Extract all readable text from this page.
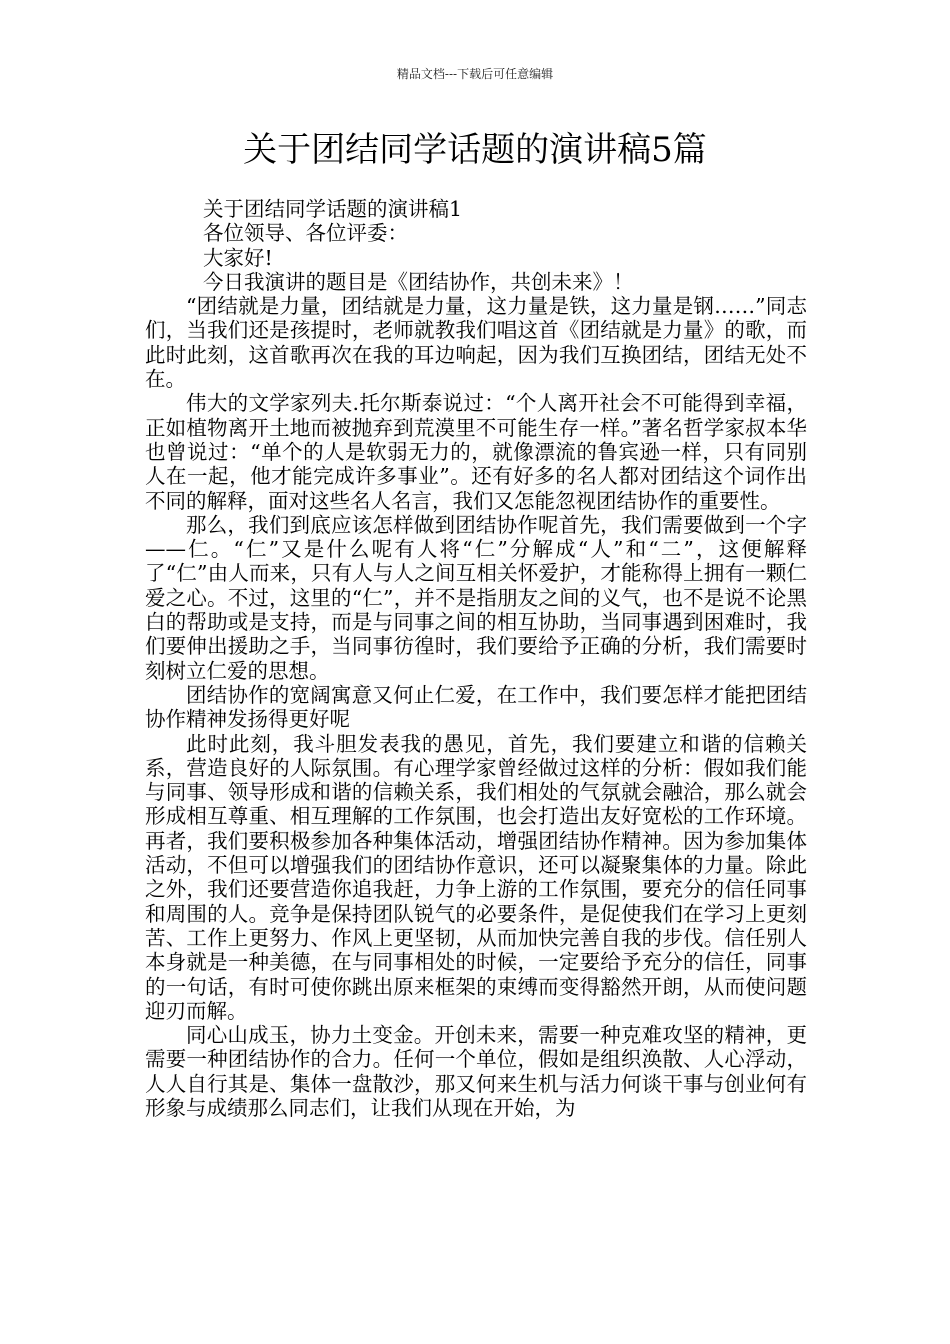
精品文档---下载后可任意编辑
关于团结同学话题的演讲稿5篇

关于团结同学话题的演讲稿1

各位领导、各位评委：

大家好!

今日我演讲的题目是《团结协作，共创未来》！

“团结就是力量，团结就是力量，这力量是铁，这力量是钢……”同志们，当我们还是孩提时，老师就教我们唱这首《团结就是力量》的歌，而此时此刻，这首歌再次在我的耳边响起，因为我们互换团结，团结无处不在。

伟大的文学家列夫.托尔斯泰说过：“个人离开社会不可能得到幸福，正如植物离开土地而被抛弃到荒漠里不可能生存一样。”著名哲学家叔本华也曾说过：“单个的人是软弱无力的，就像漂流的鲁宾逊一样，只有同别人在一起，他才能完成许多事业”。还有好多的名人都对团结这个词作出不同的解释，面对这些名人名言，我们又怎能忽视团结协作的重要性。

那么，我们到底应该怎样做到团结协作呢首先，我们需要做到一个字——仁。“仁”又是什么呢有人将“仁”分解成“人”和“二”，这便解释了“仁”由人而来，只有人与人之间互相关怀爱护，才能称得上拥有一颗仁爱之心。不过，这里的“仁”，并不是指朋友之间的义气，也不是说不论黑白的帮助或是支持，而是与同事之间的相互协助，当同事遇到困难时，我们要伸出援助之手，当同事彷徨时，我们要给予正确的分析，我们需要时刻树立仁爱的思想。

团结协作的宽阔寓意又何止仁爱，在工作中，我们要怎样才能把团结协作精神发扬得更好呢

此时此刻，我斗胆发表我的愚见，首先，我们要建立和谐的信赖关系，营造良好的人际氛围。有心理学家曾经做过这样的分析：假如我们能与同事、领导形成和谐的信赖关系，我们相处的气氛就会融洽，那么就会形成相互尊重、相互理解的工作氛围，也会打造出友好宽松的工作环境。再者，我们要积极参加各种集体活动，增强团结协作精神。因为参加集体活动，不但可以增强我们的团结协作意识，还可以凝聚集体的力量。除此之外，我们还要营造你追我赶，力争上游的工作氛围，要充分的信任同事和周围的人。竞争是保持团队锐气的必要条件，是促使我们在学习上更刻苦、工作上更努力、作风上更坚韧，从而加快完善自我的步伐。信任别人本身就是一种美德，在与同事相处的时候，一定要给予充分的信任，同事的一句话，有时可使你跳出原来框架的束缚而变得豁然开朗，从而使问题迎刃而解。

同心山成玉，协力土变金。开创未来，需要一种克难攻坚的精神，更需要一种团结协作的合力。任何一个单位，假如是组织涣散、人心浮动，人人自行其是、集体一盘散沙，那又何来生机与活力何谈干事与创业何有形象与成绩那么同志们，让我们从现在开始，为
